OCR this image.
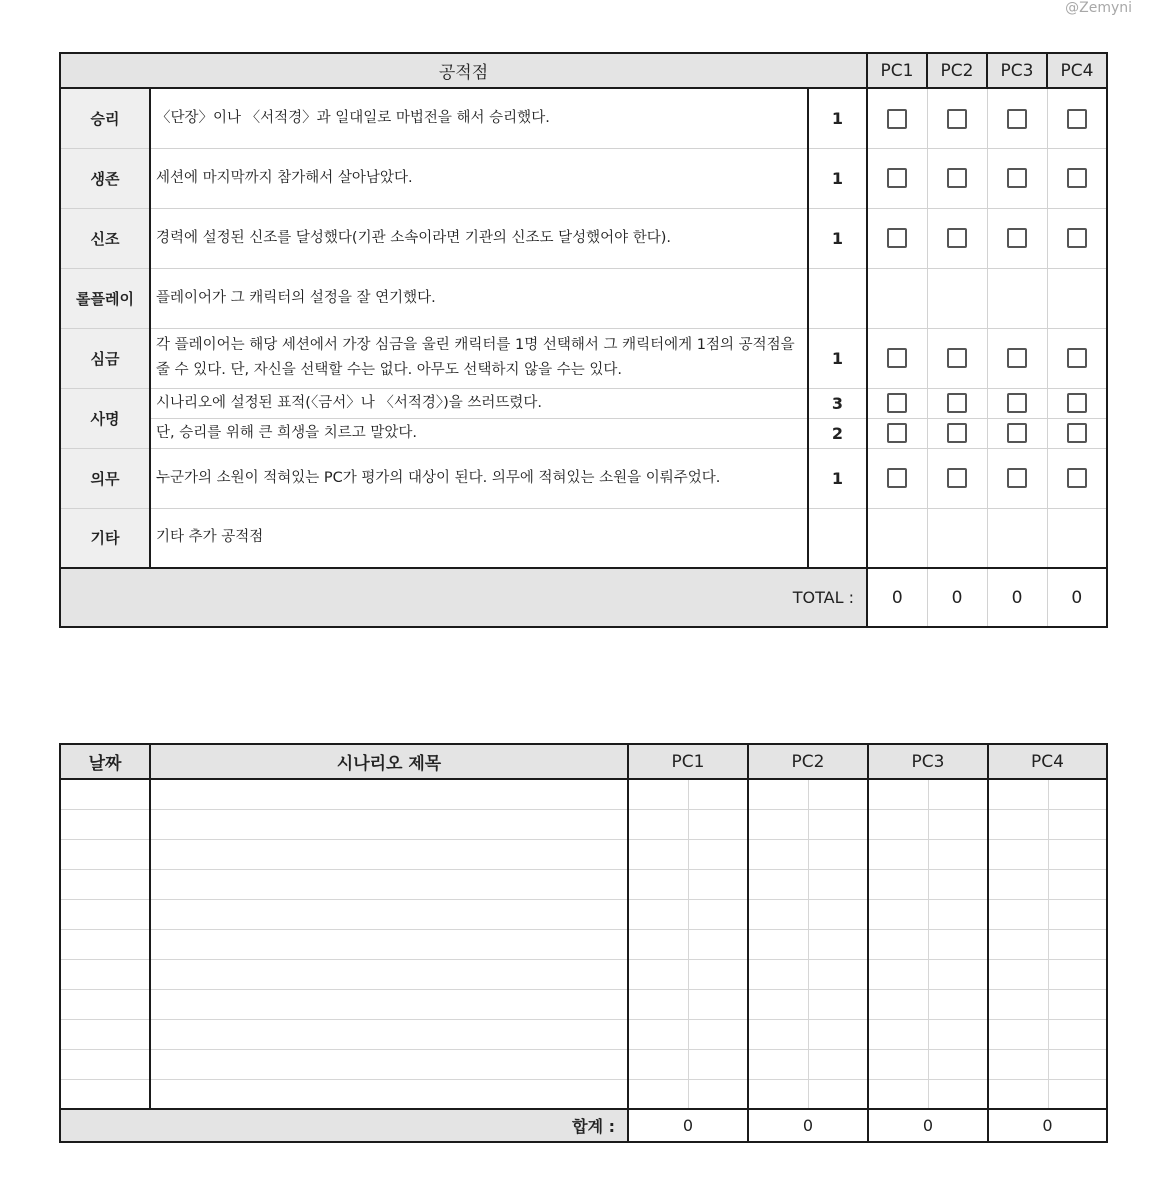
@Zemyni
공적점			PC1	PC2	PC3	PC4
승리	〈단장〉이나 〈서적경〉과 일대일로 마법전을 해서 승리했다.	1				
생존	세션에 마지막까지 참가해서 살아남았다.	1				
신조	경력에 설정된 신조를 달성했다(기관 소속이라면 기관의 신조도 달성했어야 한다).	1				
롤플레이	플레이어가 그 캐릭터의 설정을 잘 연기했다.					
심금	각 플레이어는 해당 세션에서 가장 심금을 울린 캐릭터를 1명 선택해서 그 캐릭터에게 1점의 공적점을 줄 수 있다. 단, 자신을 선택할 수는 없다. 아무도 선택하지 않을 수는 있다.	1				
사명	시나리오에 설정된 표적(〈금서〉나 〈서적경〉)을 쓰러뜨렸다.	3				
	단, 승리를 위해 큰 희생을 치르고 말았다.	2				
의무	누군가의 소원이 적혀있는 PC가 평가의 대상이 된다. 의무에 적혀있는 소원을 이뤄주었다.	1				
기타	기타 추가 공적점					
TOTAL :			0	0	0	0
날짜	시나리오 제목	PC1		PC2		PC3		PC4	

합계 :		0		0		0		0	
